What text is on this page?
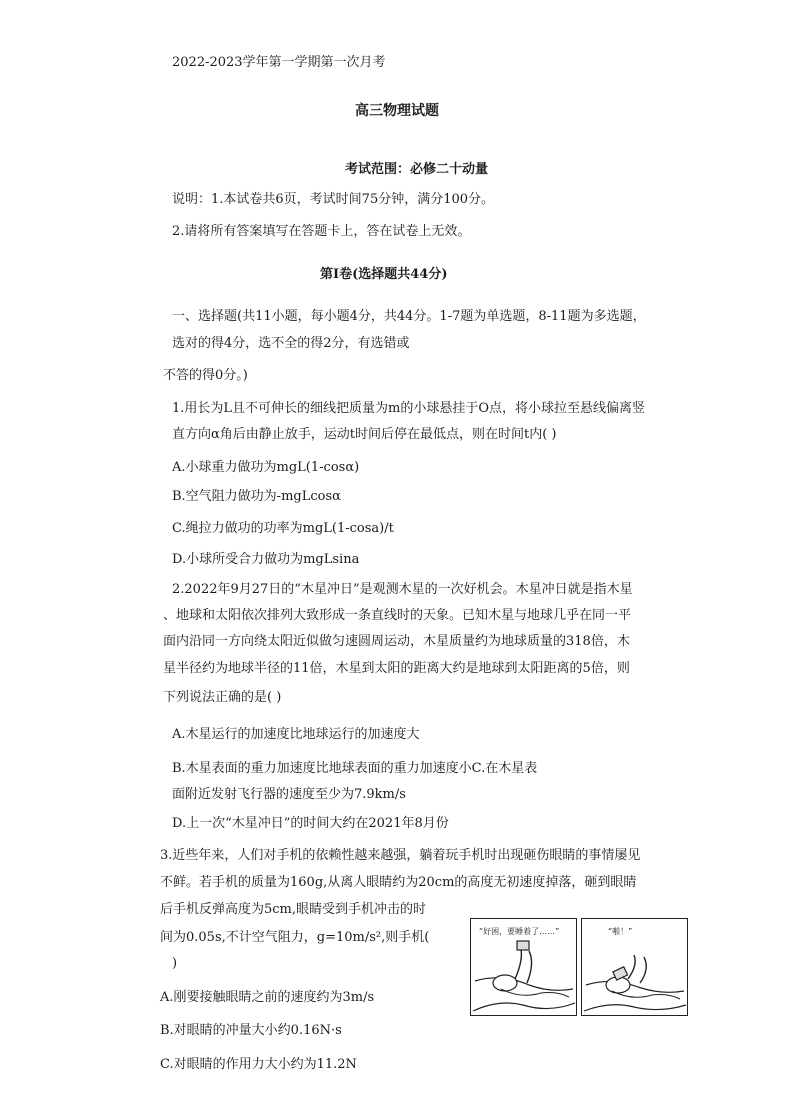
2022-2023学年第一学期第一次月考
高三物理试题
考试范围：必修二十动量
说明：1.本试卷共6页，考试时间75分钟，满分100分。
2.请将所有答案填写在答题卡上，答在试卷上无效。
第Ⅰ卷(选择题共44分)
一、选择题(共11小题，每小题4分，共44分。1-7题为单选题，8-11题为多选题，
选对的得4分，选不全的得2分，有选错或
不答的得0分。)
1.用长为L且不可伸长的细线把质量为m的小球悬挂于O点，将小球拉至悬线偏离竖
直方向α角后由静止放手，运动t时间后停在最低点，则在时间t内( )
A.小球重力做功为mgL(1-cosα)
B.空气阻力做功为-mgLcosα
C.绳拉力做功的功率为mgL(1-cosa)/t
D.小球所受合力做功为mgLsina
2.2022年9月27日的“木星冲日”是观测木星的一次好机会。木星冲日就是指木星
、地球和太阳依次排列大致形成一条直线时的天象。已知木星与地球几乎在同一平
面内沿同一方向绕太阳近似做匀速圆周运动，木星质量约为地球质量的318倍，木
星半径约为地球半径的11倍，木星到太阳的距离大约是地球到太阳距离的5倍，则
下列说法正确的是( )
A.木星运行的加速度比地球运行的加速度大
B.木星表面的重力加速度比地球表面的重力加速度小C.在木星表
面附近发射飞行器的速度至少为7.9km/s
D.上一次“木星冲日”的时间大约在2021年8月份
3.近些年来，人们对手机的依赖性越来越强，躺着玩手机时出现砸伤眼睛的事情屡见
不鲜。若手机的质量为160g,从离人眼睛约为20cm的高度无初速度掉落，砸到眼睛
后手机反弹高度为5cm,眼睛受到手机冲击的时
间为0.05s,不计空气阻力，g=10m/s²,则手机(
)
A.刚要接触眼睛之前的速度约为3m/s
B.对眼睛的冲量大小约0.16N·s
C.对眼睛的作用力大小约为11.2N
“好困，要睡着了……”	“啪！”
